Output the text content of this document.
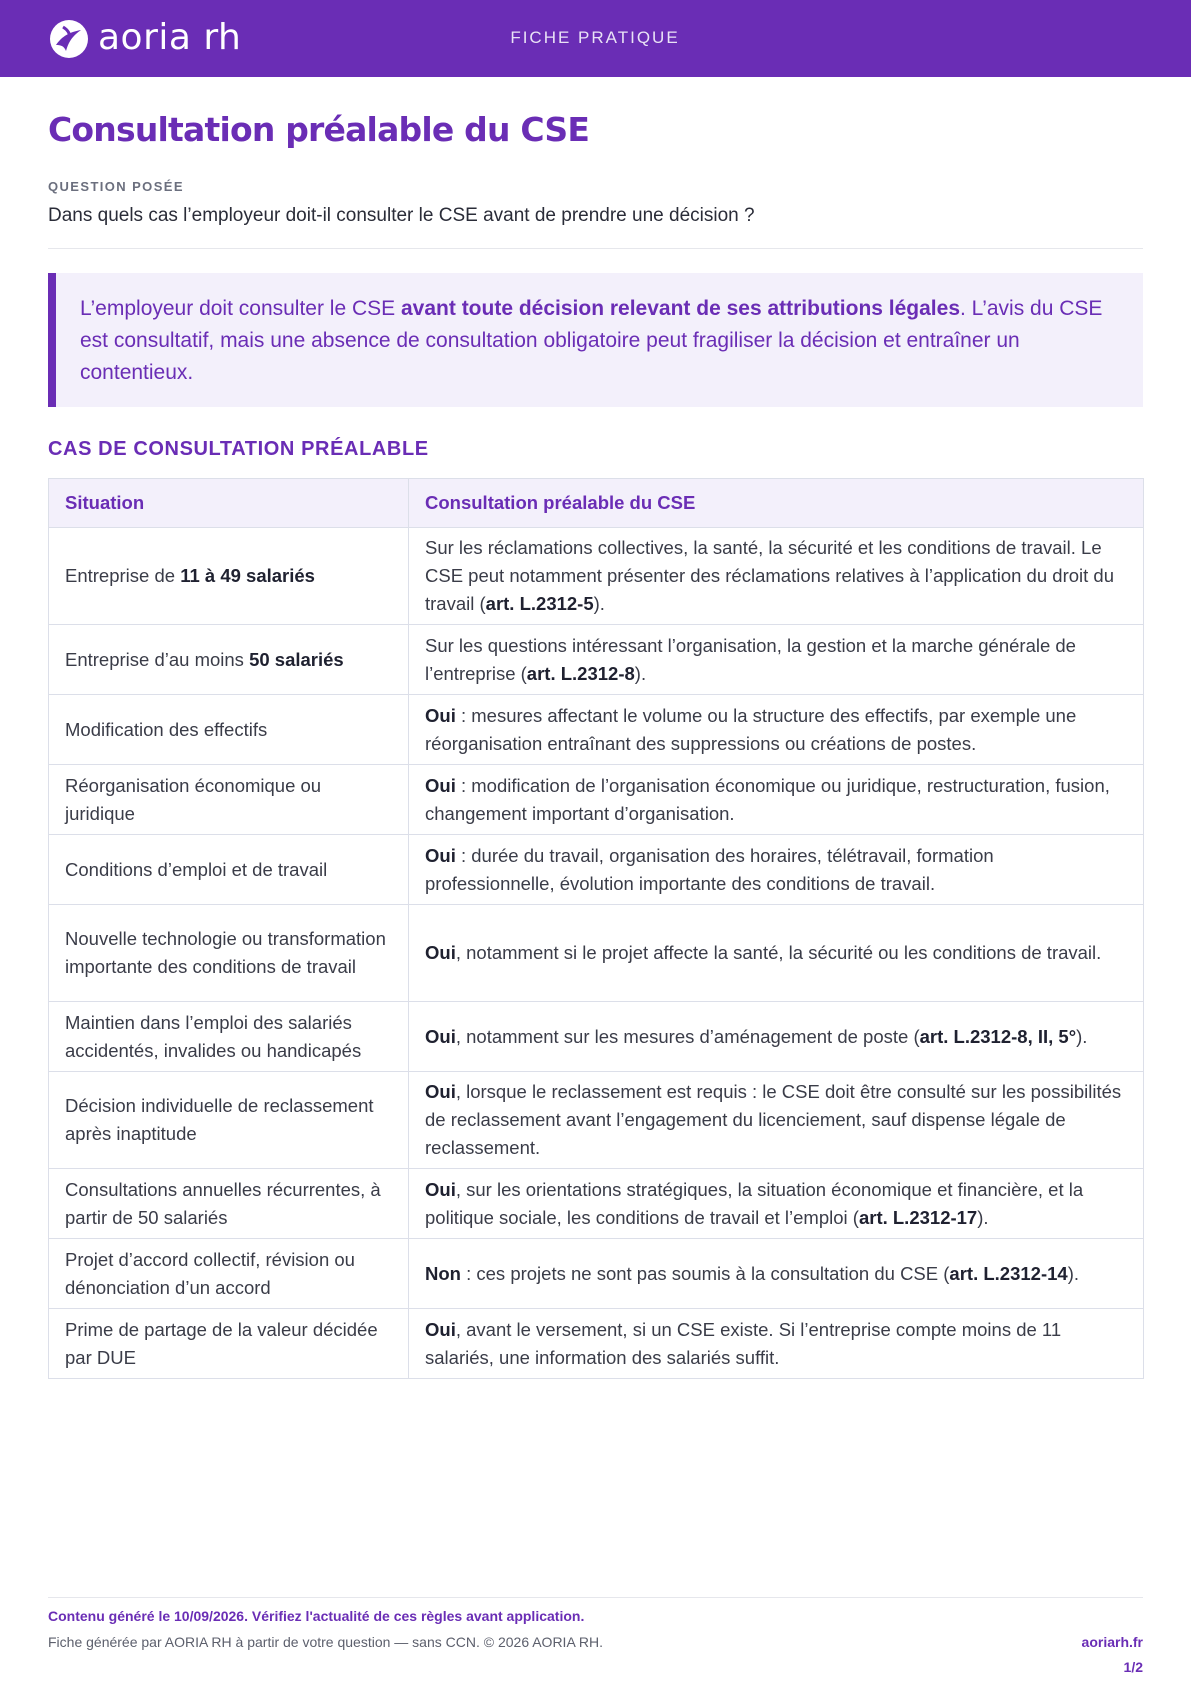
aoria rh	FICHE PRATIQUE
Consultation préalable du CSE
QUESTION POSÉE
Dans quels cas l’employeur doit-il consulter le CSE avant de prendre une décision ?

L’employeur doit consulter le CSE avant toute décision relevant de ses attributions légales. L’avis du CSE est consultatif, mais une absence de consultation obligatoire peut fragiliser la décision et entraîner un contentieux.

CAS DE CONSULTATION PRÉALABLE
Situation	Consultation préalable du CSE
Entreprise de 11 à 49 salariés	Sur les réclamations collectives, la santé, la sécurité et les conditions de travail. Le CSE peut notamment présenter des réclamations relatives à l’application du droit du travail (art. L.2312-5).
Entreprise d’au moins 50 salariés	Sur les questions intéressant l’organisation, la gestion et la marche générale de l’entreprise (art. L.2312-8).
Modification des effectifs	Oui : mesures affectant le volume ou la structure des effectifs, par exemple une réorganisation entraînant des suppressions ou créations de postes.
Réorganisation économique ou juridique	Oui : modification de l’organisation économique ou juridique, restructuration, fusion, changement important d’organisation.
Conditions d’emploi et de travail	Oui : durée du travail, organisation des horaires, télétravail, formation professionnelle, évolution importante des conditions de travail.
Nouvelle technologie ou transformation importante des conditions de travail	Oui, notamment si le projet affecte la santé, la sécurité ou les conditions de travail.
Maintien dans l’emploi des salariés accidentés, invalides ou handicapés	Oui, notamment sur les mesures d’aménagement de poste (art. L.2312-8, II, 5°).
Décision individuelle de reclassement après inaptitude	Oui, lorsque le reclassement est requis : le CSE doit être consulté sur les possibilités de reclassement avant l’engagement du licenciement, sauf dispense légale de reclassement.
Consultations annuelles récurrentes, à partir de 50 salariés	Oui, sur les orientations stratégiques, la situation économique et financière, et la politique sociale, les conditions de travail et l’emploi (art. L.2312-17).
Projet d’accord collectif, révision ou dénonciation d’un accord	Non : ces projets ne sont pas soumis à la consultation du CSE (art. L.2312-14).
Prime de partage de la valeur décidée par DUE	Oui, avant le versement, si un CSE existe. Si l’entreprise compte moins de 11 salariés, une information des salariés suffit.
Contenu généré le 10/09/2026. Vérifiez l'actualité de ces règles avant application.
Fiche générée par AORIA RH à partir de votre question — sans CCN. © 2026 AORIA RH.	aoriarh.fr
1/2
